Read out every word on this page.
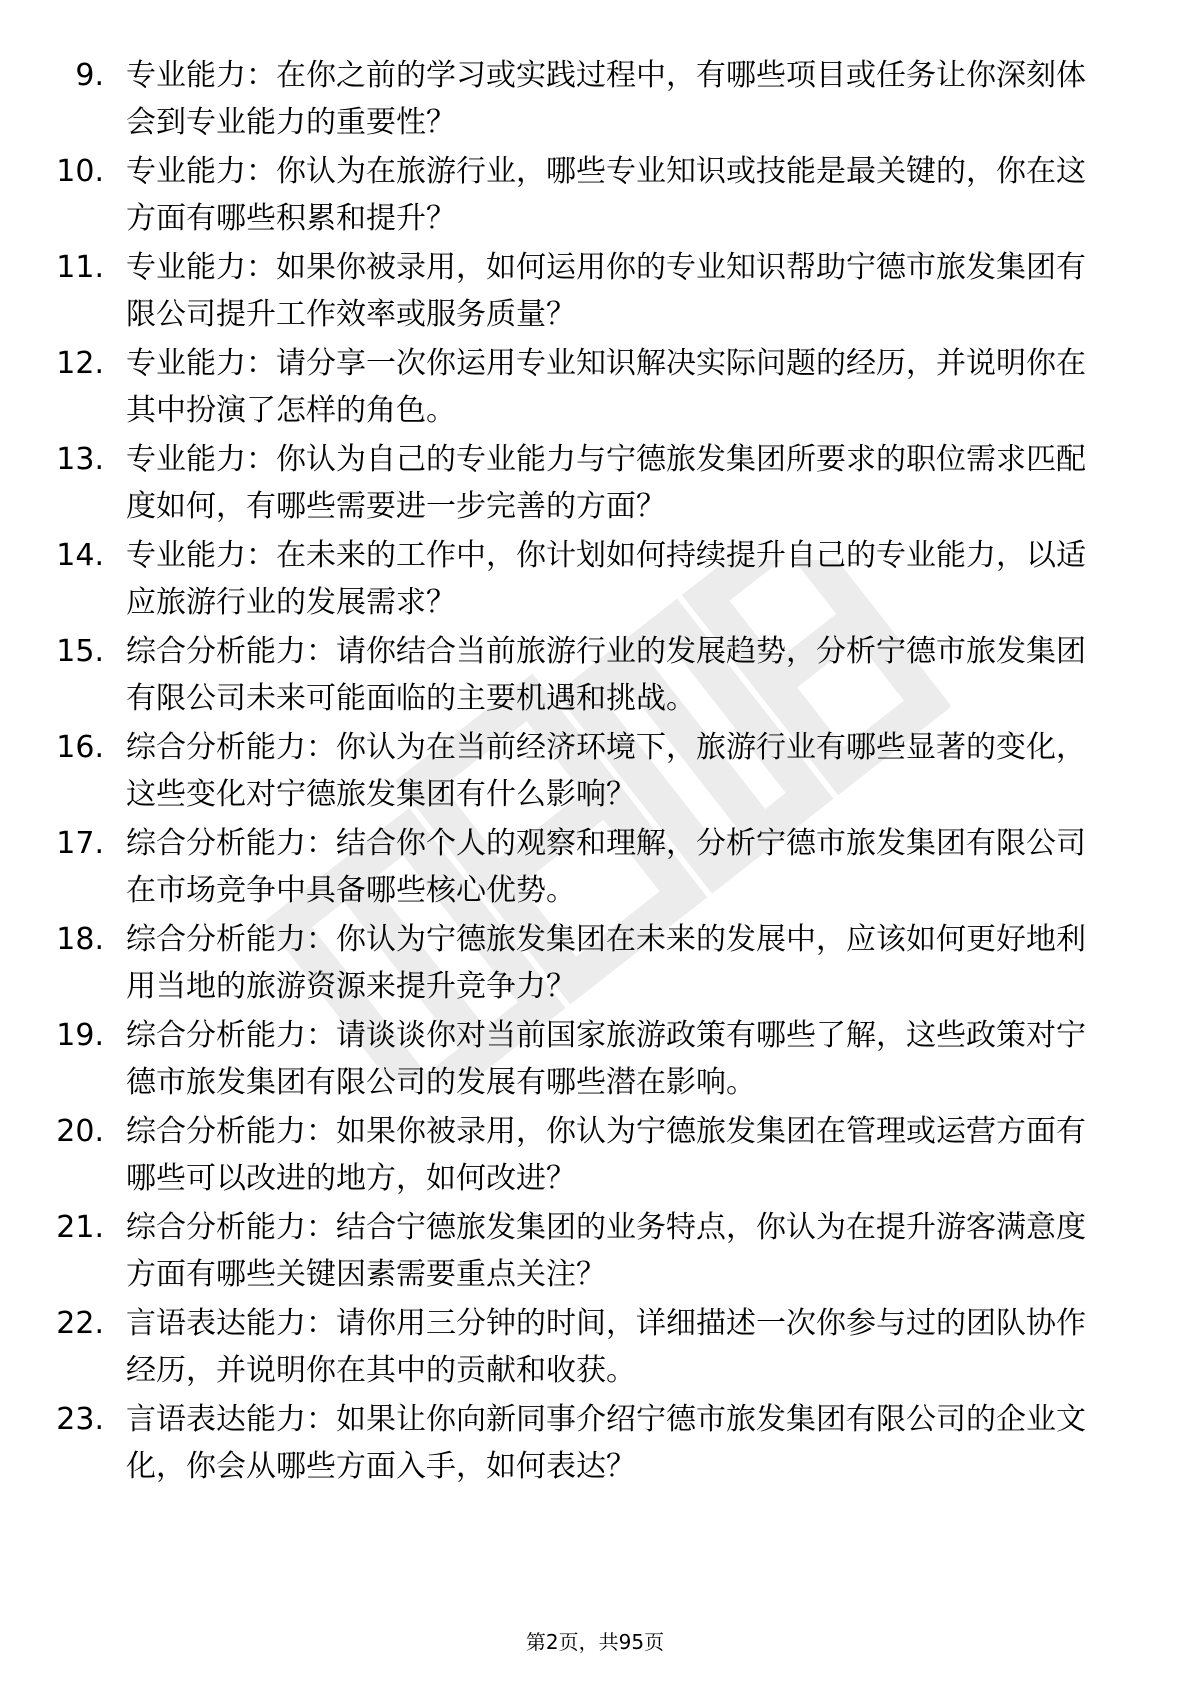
9. 专业能力：在你之前的学习或实践过程中，有哪些项目或任务让你深刻体会到专业能力的重要性？

10. 专业能力：你认为在旅游行业，哪些专业知识或技能是最关键的，你在这方面有哪些积累和提升？

11. 专业能力：如果你被录用，如何运用你的专业知识帮助宁德市旅发集团有限公司提升工作效率或服务质量？

12. 专业能力：请分享一次你运用专业知识解决实际问题的经历，并说明你在其中扮演了怎样的角色。

13. 专业能力：你认为自己的专业能力与宁德旅发集团所要求的职位需求匹配度如何，有哪些需要进一步完善的方面？

14. 专业能力：在未来的工作中，你计划如何持续提升自己的专业能力，以适应旅游行业的发展需求？

15. 综合分析能力：请你结合当前旅游行业的发展趋势，分析宁德市旅发集团有限公司未来可能面临的主要机遇和挑战。

16. 综合分析能力：你认为在当前经济环境下，旅游行业有哪些显著的变化，这些变化对宁德旅发集团有什么影响？

17. 综合分析能力：结合你个人的观察和理解，分析宁德市旅发集团有限公司在市场竞争中具备哪些核心优势。

18. 综合分析能力：你认为宁德旅发集团在未来的发展中，应该如何更好地利用当地的旅游资源来提升竞争力？

19. 综合分析能力：请谈谈你对当前国家旅游政策有哪些了解，这些政策对宁德市旅发集团有限公司的发展有哪些潜在影响。

20. 综合分析能力：如果你被录用，你认为宁德旅发集团在管理或运营方面有哪些可以改进的地方，如何改进？

21. 综合分析能力：结合宁德旅发集团的业务特点，你认为在提升游客满意度方面有哪些关键因素需要重点关注？

22. 言语表达能力：请你用三分钟的时间，详细描述一次你参与过的团队协作经历，并说明你在其中的贡献和收获。

23. 言语表达能力：如果让你向新同事介绍宁德市旅发集团有限公司的企业文化，你会从哪些方面入手，如何表达？

第2页，共95页
